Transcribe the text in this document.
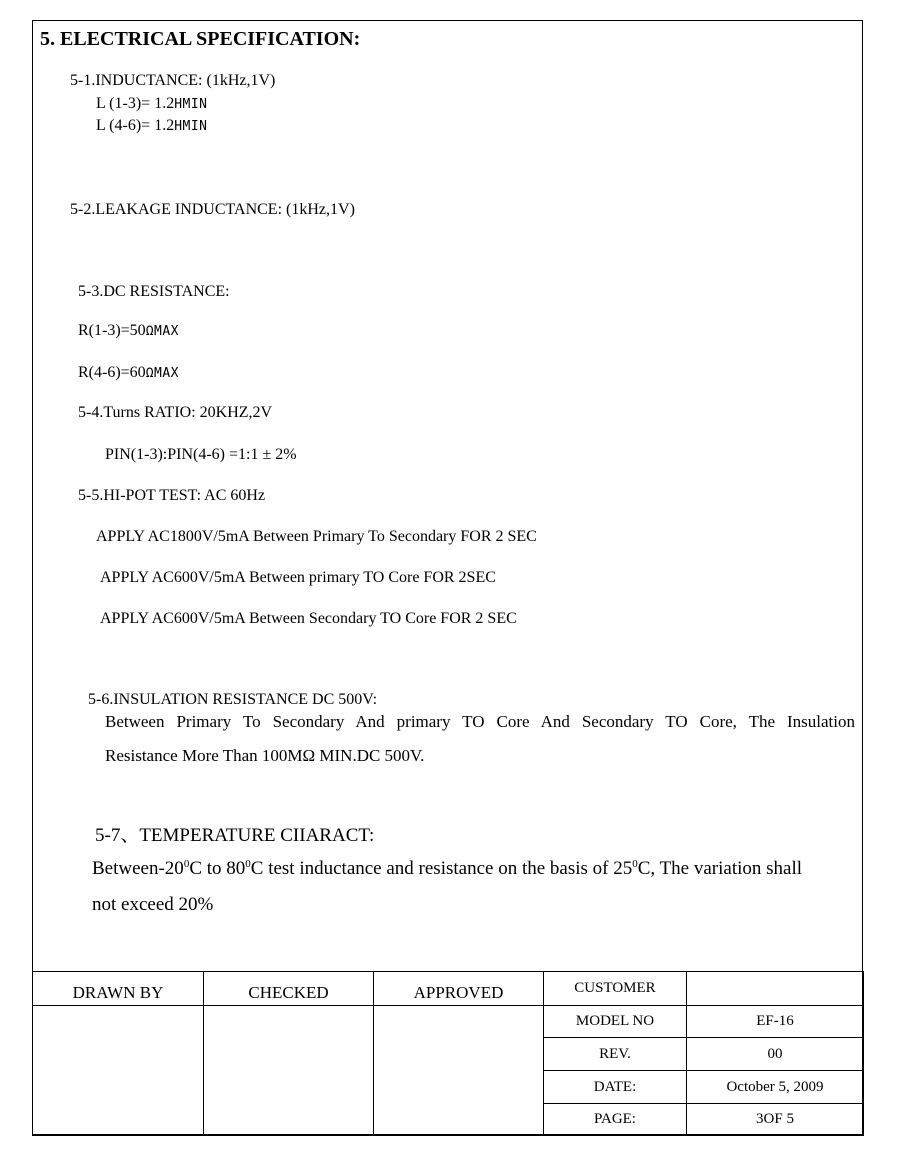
5. ELECTRICAL SPECIFICATION:
5-1.INDUCTANCE: (1kHz,1V)
L (1-3)= 1.2HMIN
L (4-6)= 1.2HMIN
5-2.LEAKAGE INDUCTANCE: (1kHz,1V)
5-3.DC RESISTANCE:
R(1-3)=50ΩMAX
R(4-6)=60ΩMAX
5-4.Turns RATIO: 20KHZ,2V
PIN(1-3):PIN(4-6) =1:1 ± 2%
5-5.HI-POT TEST: AC 60Hz
APPLY AC1800V/5mA Between Primary To Secondary FOR 2 SEC
APPLY AC600V/5mA Between primary TO Core FOR 2SEC
APPLY AC600V/5mA Between Secondary TO Core FOR 2 SEC
5-6.INSULATION RESISTANCE DC 500V:
Between Primary To Secondary And primary TO Core And Secondary TO Core, The Insulation
Resistance More Than 100MΩ MIN.DC 500V.
5-7、TEMPERATURE CIIARACT:
Between-$20^0C$ to $80^0C$ test inductance and resistance on the basis of $25^0C$, The variation shall
not exceed 20%
DRAWN BY	CHECKED	APPROVED	CUSTOMER	
			MODEL NO	EF-16
			REV.	00
			DATE:	October 5, 2009
			PAGE:	3OF 5
